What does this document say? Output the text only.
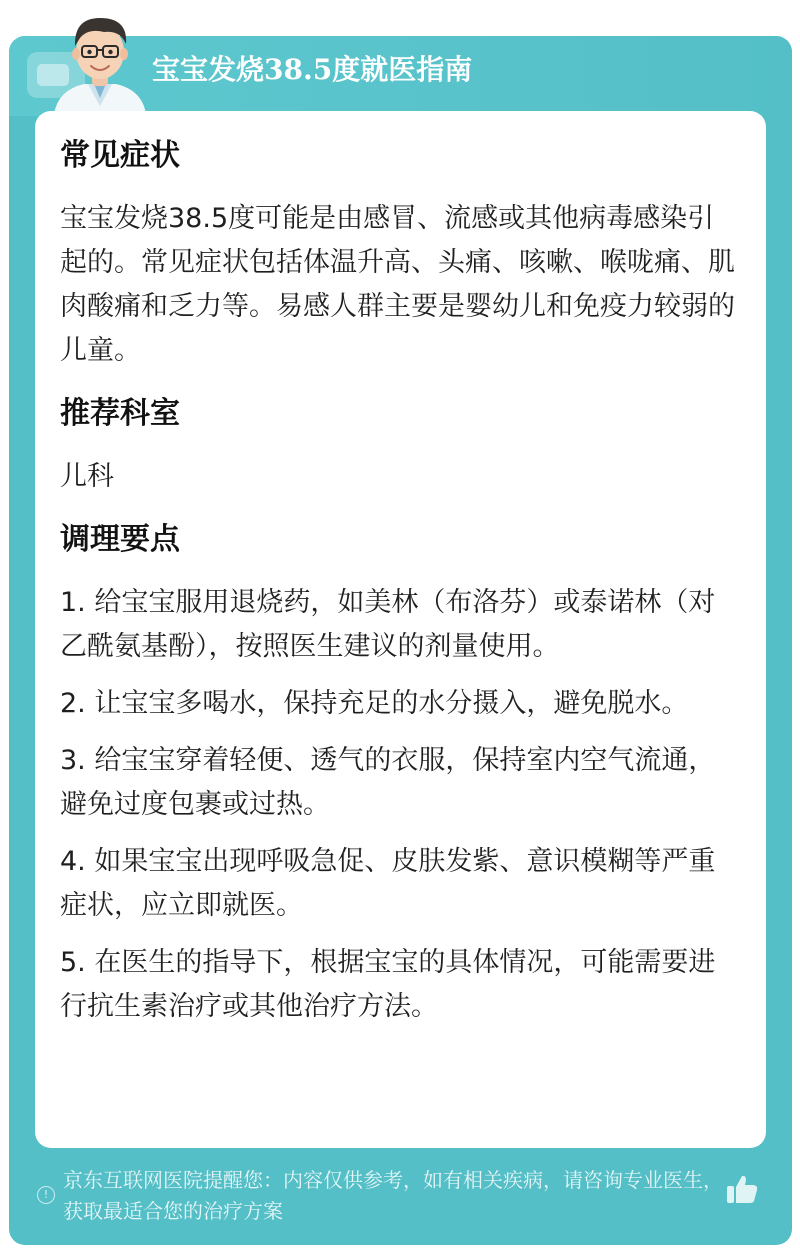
宝宝发烧38.5度就医指南
常见症状
宝宝发烧38.5度可能是由感冒、流感或其他病毒感染引起的。常见症状包括体温升高、头痛、咳嗽、喉咙痛、肌肉酸痛和乏力等。易感人群主要是婴幼儿和免疫力较弱的儿童。
推荐科室
儿科
调理要点
1. 给宝宝服用退烧药，如美林（布洛芬）或泰诺林（对乙酰氨基酚），按照医生建议的剂量使用。
2. 让宝宝多喝水，保持充足的水分摄入，避免脱水。
3. 给宝宝穿着轻便、透气的衣服，保持室内空气流通，避免过度包裹或过热。
4. 如果宝宝出现呼吸急促、皮肤发紫、意识模糊等严重症状，应立即就医。
5. 在医生的指导下，根据宝宝的具体情况，可能需要进行抗生素治疗或其他治疗方法。
!
京东互联网医院提醒您：内容仅供参考，如有相关疾病，请咨询专业医生，获取最适合您的治疗方案
